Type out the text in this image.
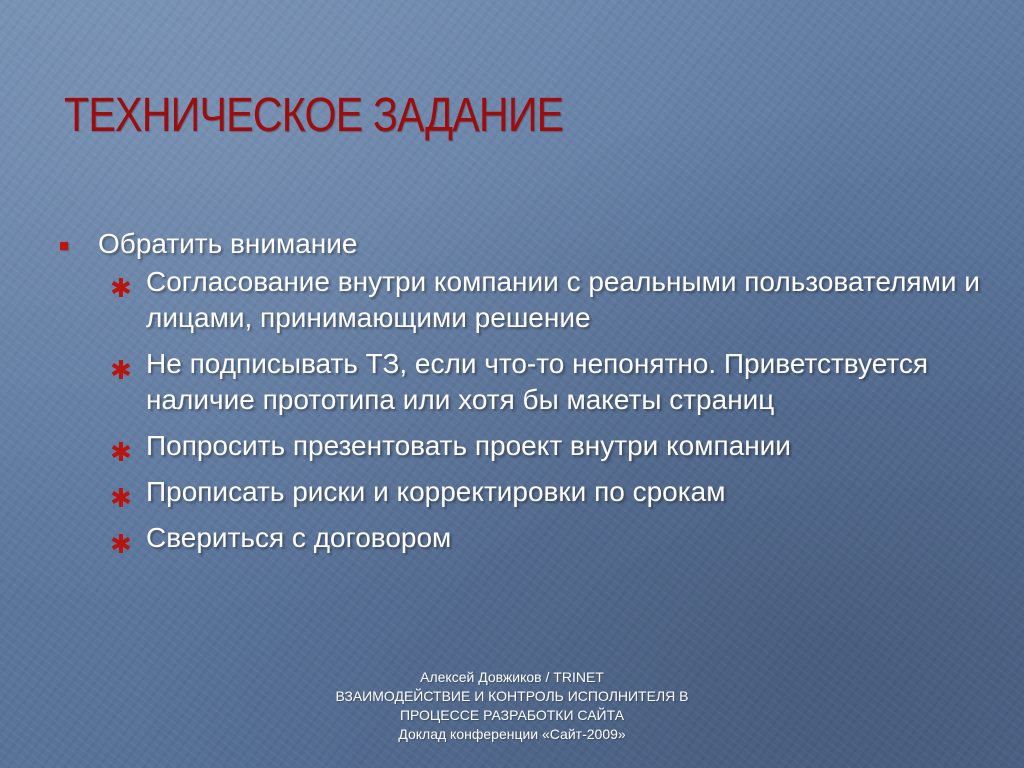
ТЕХНИЧЕСКОЕ ЗАДАНИЕ
Обратить внимание
✱ Согласование внутри компании с реальными пользователями и лицами, принимающими решение
✱ Не подписывать ТЗ, если что-то непонятно. Приветствуется наличие прототипа или хотя бы макеты страниц
✱ Попросить презентовать проект внутри компании
✱ Прописать риски и корректировки по срокам
✱ Свериться с договором
Алексей Довжиков / TRINET
ВЗАИМОДЕЙСТВИЕ И КОНТРОЛЬ ИСПОЛНИТЕЛЯ В
ПРОЦЕССЕ РАЗРАБОТКИ САЙТА
Доклад конференции «Сайт-2009»
